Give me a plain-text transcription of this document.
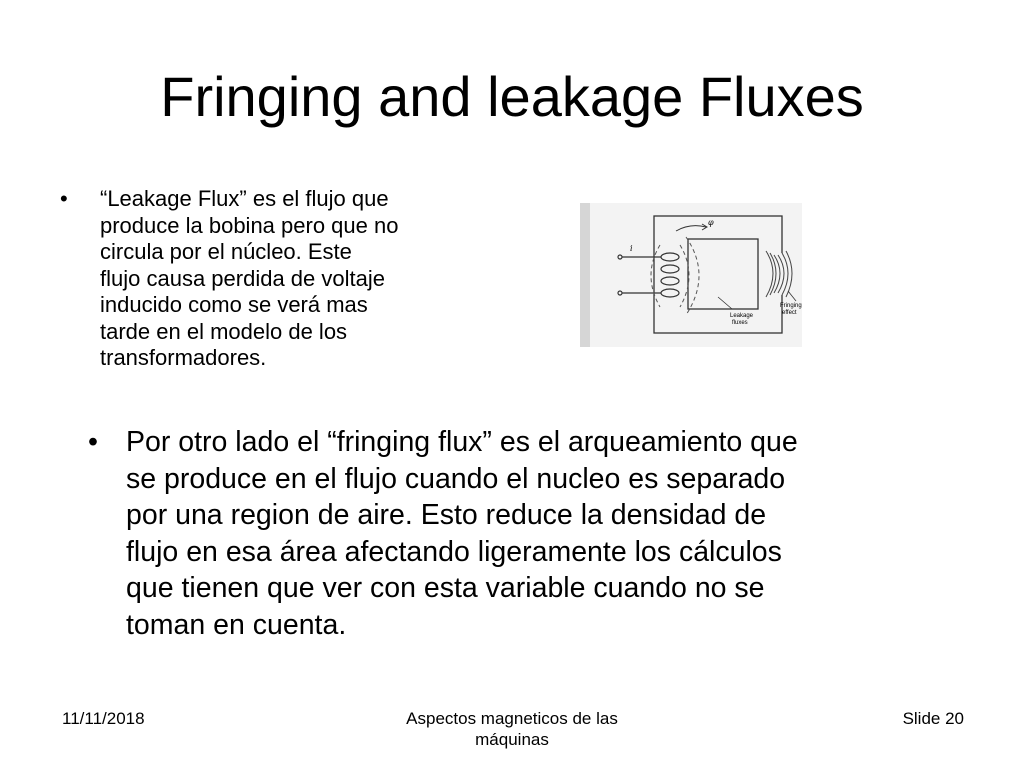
Fringing and leakage Fluxes
•	“Leakage Flux” es el flujo que
produce la bobina pero que no
circula por el núcleo. Este
flujo causa perdida de voltaje
inducido como se verá mas
tarde en el modelo de los
transformadores.
i
φ
Leakage fluxes
Fringing effect
• Por otro lado el “fringing flux” es el arqueamiento que
se produce en el flujo cuando el nucleo es separado
por una region de aire. Esto reduce la densidad de
flujo en esa área afectando ligeramente los cálculos
que tienen que ver con esta variable cuando no se
toman en cuenta.
11/11/2018	Aspectos magneticos de las
máquinas
Slide 20
